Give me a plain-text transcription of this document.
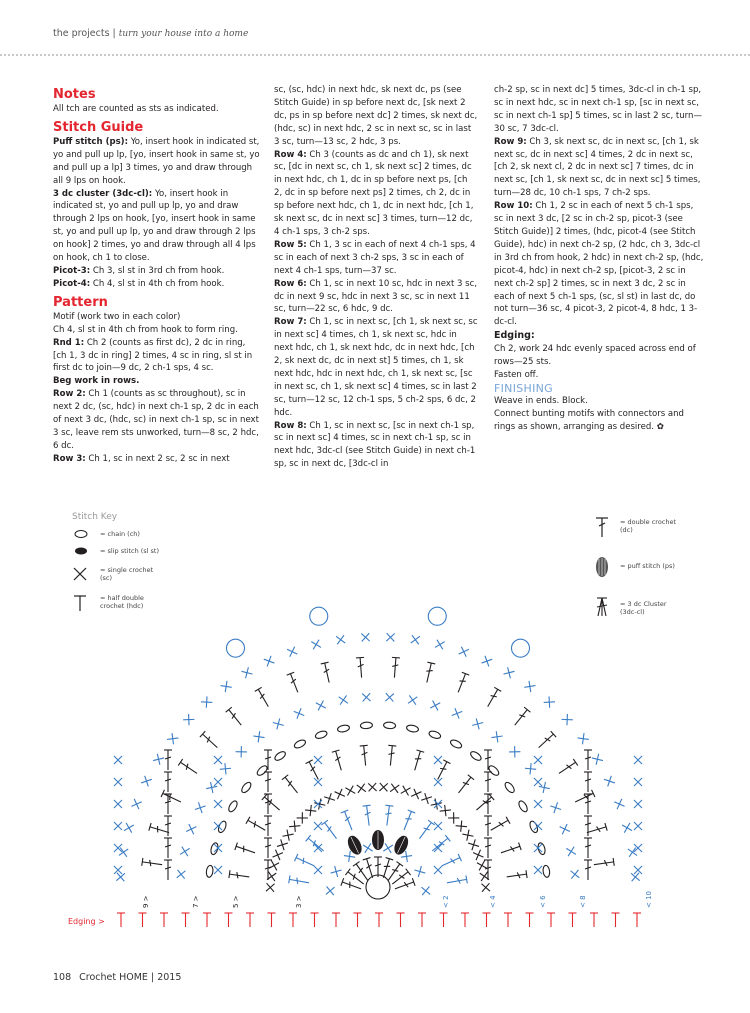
the projects | turn your house into a home
Notes

All tch are counted as sts as indicated.

Stitch Guide

Puff stitch (ps): Yo, insert hook in indicated st, yo and pull up lp, [yo, insert hook in same st, yo and pull up a lp] 3 times, yo and draw through all 9 lps on hook.

3 dc cluster (3dc-cl): Yo, insert hook in indicated st, yo and pull up lp, yo and draw through 2 lps on hook, [yo, insert hook in same st, yo and pull up lp, yo and draw through 2 lps on hook] 2 times, yo and draw through all 4 lps on hook, ch 1 to close.

Picot-3: Ch 3, sl st in 3rd ch from hook.

Picot-4: Ch 4, sl st in 4th ch from hook.

Pattern

Motif (work two in each color)

Ch 4, sl st in 4th ch from hook to form ring.

Rnd 1: Ch 2 (counts as first dc), 2 dc in ring, [ch 1, 3 dc in ring] 2 times, 4 sc in ring, sl st in first dc to join—9 dc, 2 ch-1 sps, 4 sc.

Beg work in rows.

Row 2: Ch 1 (counts as sc throughout), sc in next 2 dc, (sc, hdc) in next ch-1 sp, 2 dc in each of next 3 dc, (hdc, sc) in next ch-1 sp, sc in next 3 sc, leave rem sts unworked, turn—8 sc, 2 hdc, 6 dc.

Row 3: Ch 1, sc in next 2 sc, 2 sc in next

sc, (sc, hdc) in next hdc, sk next dc, ps (see Stitch Guide) in sp before next dc, [sk next 2 dc, ps in sp before next dc] 2 times, sk next dc, (hdc, sc) in next hdc, 2 sc in next sc, sc in last 3 sc, turn—13 sc, 2 hdc, 3 ps.

Row 4: Ch 3 (counts as dc and ch 1), sk next sc, [dc in next sc, ch 1, sk next sc] 2 times, dc in next hdc, ch 1, dc in sp before next ps, [ch 2, dc in sp before next ps] 2 times, ch 2, dc in sp before next hdc, ch 1, dc in next hdc, [ch 1, sk next sc, dc in next sc] 3 times, turn—12 dc, 4 ch-1 sps, 3 ch-2 sps.

Row 5: Ch 1, 3 sc in each of next 4 ch-1 sps, 4 sc in each of next 3 ch-2 sps, 3 sc in each of next 4 ch-1 sps, turn—37 sc.

Row 6: Ch 1, sc in next 10 sc, hdc in next 3 sc, dc in next 9 sc, hdc in next 3 sc, sc in next 11 sc, turn—22 sc, 6 hdc, 9 dc.

Row 7: Ch 1, sc in next sc, [ch 1, sk next sc, sc in next sc] 4 times, ch 1, sk next sc, hdc in next hdc, ch 1, sk next hdc, dc in next hdc, [ch 2, sk next dc, dc in next st] 5 times, ch 1, sk next hdc, hdc in next hdc, ch 1, sk next sc, [sc in next sc, ch 1, sk next sc] 4 times, sc in last 2 sc, turn—12 sc, 12 ch-1 sps, 5 ch-2 sps, 6 dc, 2 hdc.

Row 8: Ch 1, sc in next sc, [sc in next ch-1 sp, sc in next sc] 4 times, sc in next ch-1 sp, sc in next hdc, 3dc-cl (see Stitch Guide) in next ch-1 sp, sc in next dc, [3dc-cl in

ch-2 sp, sc in next dc] 5 times, 3dc-cl in ch-1 sp, sc in next hdc, sc in next ch-1 sp, [sc in next sc, sc in next ch-1 sp] 5 times, sc in last 2 sc, turn—30 sc, 7 3dc-cl.

Row 9: Ch 3, sk next sc, dc in next sc, [ch 1, sk next sc, dc in next sc] 4 times, 2 dc in next sc, [ch 2, sk next cl, 2 dc in next sc] 7 times, dc in next sc, [ch 1, sk next sc, dc in next sc] 5 times, turn—28 dc, 10 ch-1 sps, 7 ch-2 sps.

Row 10: Ch 1, 2 sc in each of next 5 ch-1 sps, sc in next 3 dc, [2 sc in ch-2 sp, picot-3 (see Stitch Guide)] 2 times, (hdc, picot-4 (see Stitch Guide), hdc) in next ch-2 sp, (2 hdc, ch 3, 3dc-cl in 3rd ch from hook, 2 hdc) in next ch-2 sp, (hdc, picot-4, hdc) in next ch-2 sp, [picot-3, 2 sc in next ch-2 sp] 2 times, sc in next 3 dc, 2 sc in each of next 5 ch-1 sps, (sc, sl st) in last dc, do not turn—36 sc, 4 picot-3, 2 picot-4, 8 hdc, 1 3-dc-cl.

Edging:

Ch 2, work 24 hdc evenly spaced across end of rows—25 sts.

Fasten off.

FINISHING

Weave in ends. Block.

Connect bunting motifs with connectors and rings as shown, arranging as desired. ✿

Stitch Key
= chain (ch)
= slip stitch (sl st)
= single crochet (sc)
= half double crochet (hdc)
= double crochet (dc)
= puff stitch (ps)
= 3 dc Cluster (3dc-cl)
9 >	7 >	5 >	3 >	< 2	< 4	< 6	< 8	< 10
Edging >
108 Crochet HOME | 2015
